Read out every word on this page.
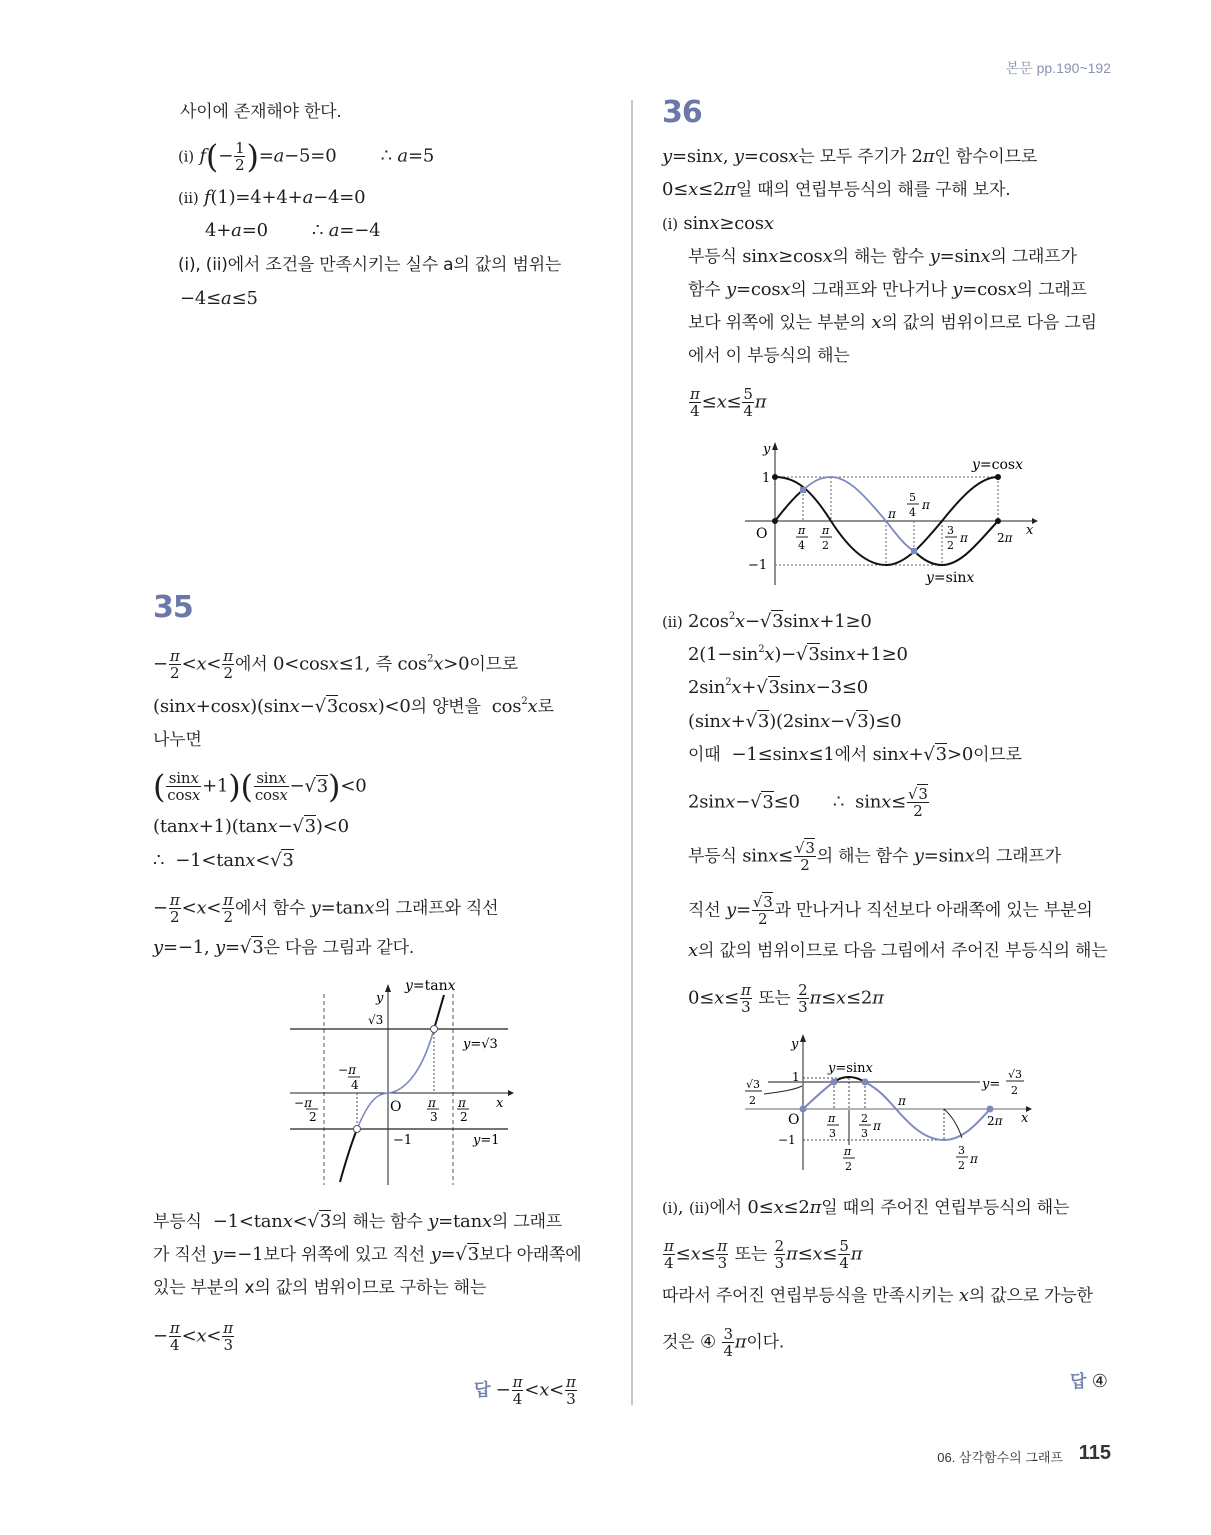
본문 pp.190~192
사이에 존재해야 한다.
(i) $f(- \frac{1}{2} )=a-5=0$        ∴ a=5
(ii) f(1)=4+4+a−4=0
4+a=0        ∴ a=−4
(i), (ii)에서 조건을 만족시키는 실수 a의 값의 범위는
−4≤a≤5
35
− $\frac{\pi}{2} <x< \frac{\pi}{2}$ 에서 0<cosx≤1, 즉 $\cos^2x>0$이므로
(sinx+cosx)(sinx−√3cosx)<0의 양변을  $\cos^2x$로
나누면
( $\frac{\sin x}{\cos x} +1)( \frac{\sin x}{\cos x} -√3)<0$
(tanx+1)(tanx−√3)<0
∴  −1<tanx<√3
− $\frac{\pi}{2} <x< \frac{\pi}{2}$ 에서 함수 y=tanx의 그래프와 직선
y=−1, y=√3은 다음 그림과 같다.
y=tanx
y
√3
y=√3
y=1
x
O
−1
−π
4
−π
2
π
3
π
2
부등식  −1<tanx<√3의 해는 함수 y=tanx의 그래프
가 직선 y=−1보다 위쪽에 있고 직선 y=√3보다 아래쪽에
있는 부분의 x의 값의 범위이므로 구하는 해는
− $\frac{\pi}{4} <x< \frac{\pi}{3}$
답 − $\frac{\pi}{4} <x< \frac{\pi}{3}$
36
y=sinx, y=cosx는 모두 주기가 2π인 함수이므로
0≤x≤2π일 때의 연립부등식의 해를 구해 보자.
(i) sinx≥cosx
부등식 sinx≥cosx의 해는 함수 y=sinx의 그래프가
함수 y=cosx의 그래프와 만나거나 y=cosx의 그래프
보다 위쪽에 있는 부분의 x의 값의 범위이므로 다음 그림
에서 이 부등식의 해는
$\frac{\pi}{4} \le x\le \frac{5}{4}$ π
y
1
−1
O	x
y=cosx
y=sinx
π
4
π
2
π
5
4
π
3
2
π 2π
(ii) $2\cos^2x-√3\sin x+1\ge 0$
$2(1-\sin^2x)-√3\sin x+1\ge 0$
$2\sin^2x+√3\sin x-3\le 0$
(sinx+√3)(2sinx−√3)≤0
이때  −1≤sinx≤1에서 sinx+√3>0이므로
2sinx−√3≤0      ∴  $\sin x\le \frac{√3}{2}$
부등식 $\sin x\le \frac{√3}{2}$ 의 해는 함수 y=sinx의 그래프가
직선 $y= \frac{√3}{2}$ 과 만나거나 직선보다 아래쪽에 있는 부분의
x의 값의 범위이므로 다음 그림에서 주어진 부등식의 해는
$0\le x\le \frac{\pi}{3}$ 또는 $\frac{2}{3} \pi\le x\le 2\pi$
y
y=sinx
1
√3
2
y=
√3
2
O	x
−1
π
3
2
3
π
π
2
π
3
2 π
2π
(i), (ii)에서 0≤x≤2π일 때의 주어진 연립부등식의 해는
$\frac{\pi}{4} \le x\le \frac{\pi}{3}$ 또는 $\frac{2}{3} \pi\le x\le \frac{5}{4}$ π
따라서 주어진 연립부등식을 만족시키는 x의 값으로 가능한
것은 ④ $\frac{3}{4}$ π이다.
답 ④
06. 삼각함수의 그래프 115
